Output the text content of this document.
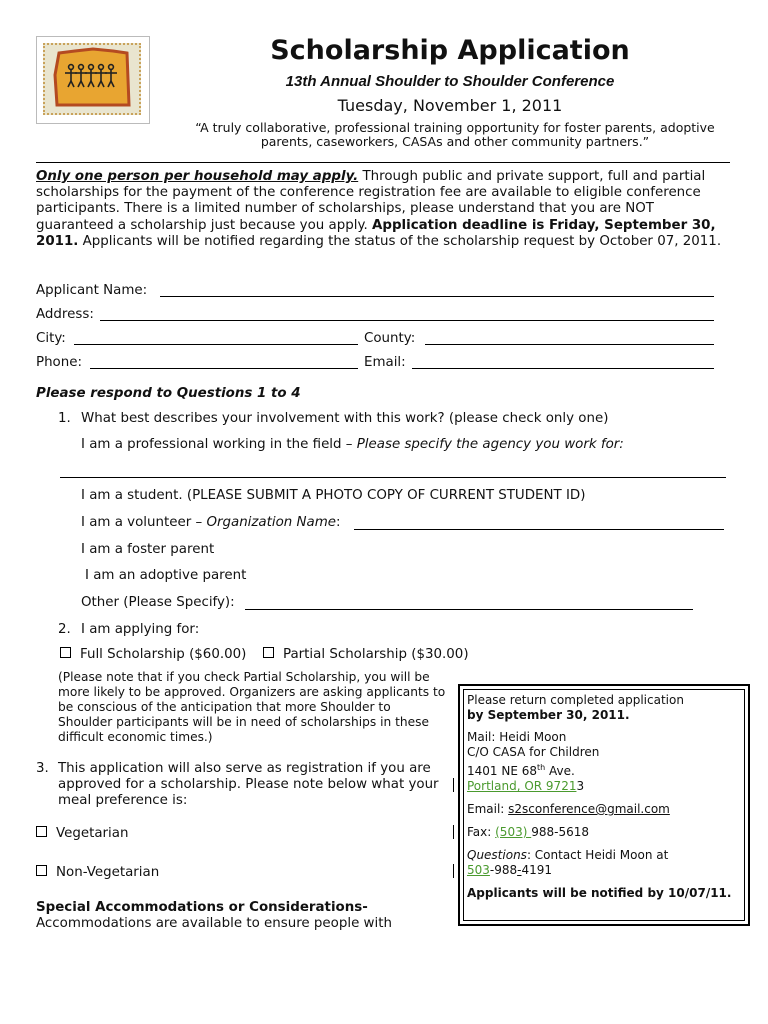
Scholarship Application
13th Annual Shoulder to Shoulder Conference
Tuesday, November 1, 2011
“A truly collaborative, professional training opportunity for foster parents, adoptive
parents, caseworkers, CASAs and other community partners.”
Only one person per household may apply. Through public and private support, full and partial scholarships for the payment of the conference registration fee are available to eligible conference participants. There is a limited number of scholarships, please understand that you are NOT guaranteed a scholarship just because you apply. Application deadline is Friday, September 30, 2011. Applicants will be notified regarding the status of the scholarship request by October 07, 2011.
Applicant Name:
Address:
City:	County:
Phone:	Email:
Please respond to Questions 1 to 4
1. What best describes your involvement with this work? (please check only one)
I am a professional working in the field – Please specify the agency you work for:
I am a student. (PLEASE SUBMIT A PHOTO COPY OF CURRENT STUDENT ID)
I am a volunteer – Organization Name:
I am a foster parent
I am an adoptive parent
Other (Please Specify):
2. I am applying for:
Full Scholarship ($60.00)	Partial Scholarship ($30.00)
(Please note that if you check Partial Scholarship, you will be more likely to be approved. Organizers are asking applicants to be conscious of the anticipation that more Shoulder to Shoulder participants will be in need of scholarships in these difficult economic times.)
3. This application will also serve as registration if you are approved for a scholarship. Please note below what your meal preference is:
Vegetarian
Non-Vegetarian
Special Accommodations or Considerations-
Accommodations are available to ensure people with
Please return completed application
by September 30, 2011.
Mail: Heidi Moon
C/O CASA for Children
1401 NE 68th Ave.
Portland, OR 97213
Email: s2sconference@gmail.com
Fax: (503) 988-5618
Questions: Contact Heidi Moon at
503-988-4191
Applicants will be notified by 10/07/11.
